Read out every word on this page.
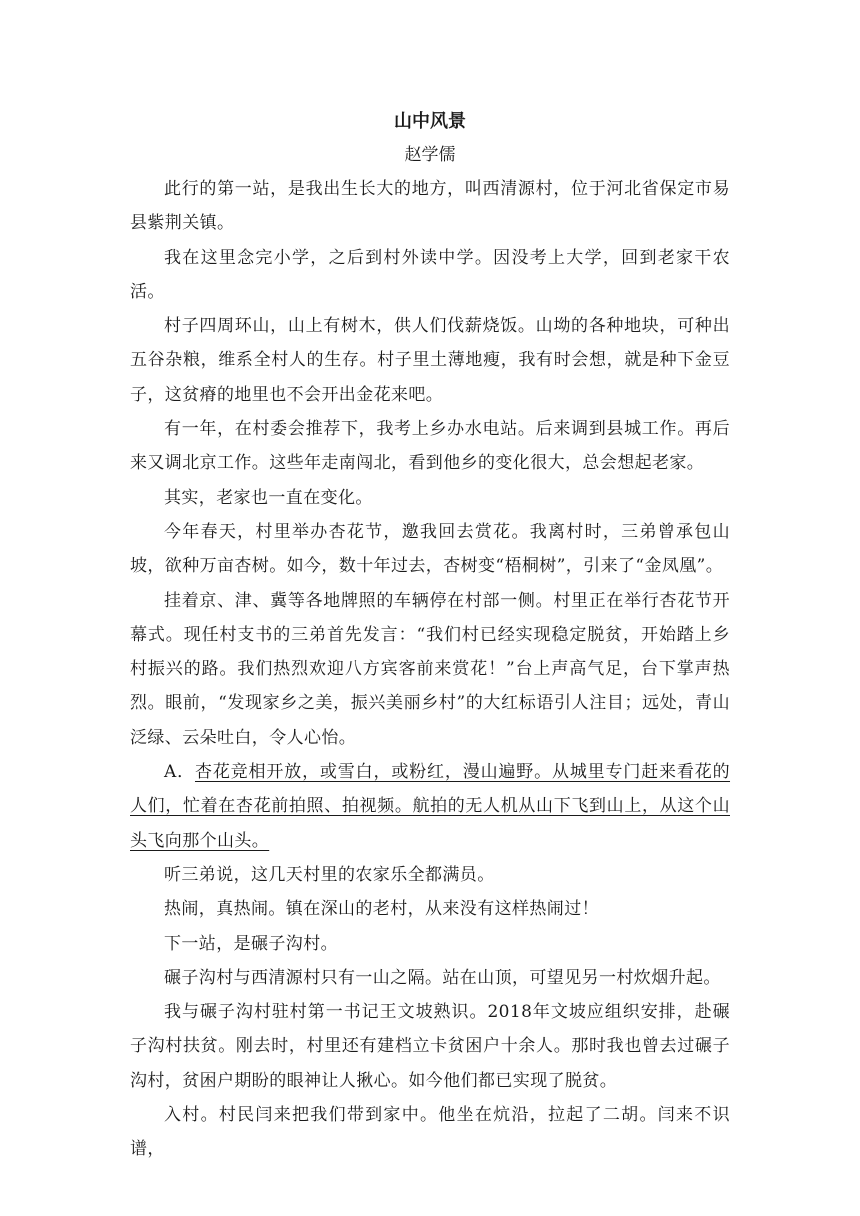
山中风景
赵学儒

此行的第一站，是我出生长大的地方，叫西清源村，位于河北省保定市易县紫荆关镇。

我在这里念完小学，之后到村外读中学。因没考上大学，回到老家干农活。

村子四周环山，山上有树木，供人们伐薪烧饭。山坳的各种地块，可种出五谷杂粮，维系全村人的生存。村子里土薄地瘦，我有时会想，就是种下金豆子，这贫瘠的地里也不会开出金花来吧。

有一年，在村委会推荐下，我考上乡办水电站。后来调到县城工作。再后来又调北京工作。这些年走南闯北，看到他乡的变化很大，总会想起老家。

其实，老家也一直在变化。

今年春天，村里举办杏花节，邀我回去赏花。我离村时，三弟曾承包山坡，欲种万亩杏树。如今，数十年过去，杏树变“梧桐树”，引来了“金凤凰”。

挂着京、津、冀等各地牌照的车辆停在村部一侧。村里正在举行杏花节开幕式。现任村支书的三弟首先发言：“我们村已经实现稳定脱贫，开始踏上乡村振兴的路。我们热烈欢迎八方宾客前来赏花！”台上声高气足，台下掌声热烈。眼前，“发现家乡之美，振兴美丽乡村”的大红标语引人注目；远处，青山泛绿、云朵吐白，令人心怡。

A．杏花竞相开放，或雪白，或粉红，漫山遍野。从城里专门赶来看花的人们，忙着在杏花前拍照、拍视频。航拍的无人机从山下飞到山上，从这个山头飞向那个山头。

听三弟说，这几天村里的农家乐全都满员。

热闹，真热闹。镇在深山的老村，从来没有这样热闹过！

下一站，是碾子沟村。

碾子沟村与西清源村只有一山之隔。站在山顶，可望见另一村炊烟升起。

我与碾子沟村驻村第一书记王文坡熟识。2018年文坡应组织安排，赴碾子沟村扶贫。刚去时，村里还有建档立卡贫困户十余人。那时我也曾去过碾子沟村，贫困户期盼的眼神让人揪心。如今他们都已实现了脱贫。

入村。村民闫来把我们带到家中。他坐在炕沿，拉起了二胡。闫来不识谱，
